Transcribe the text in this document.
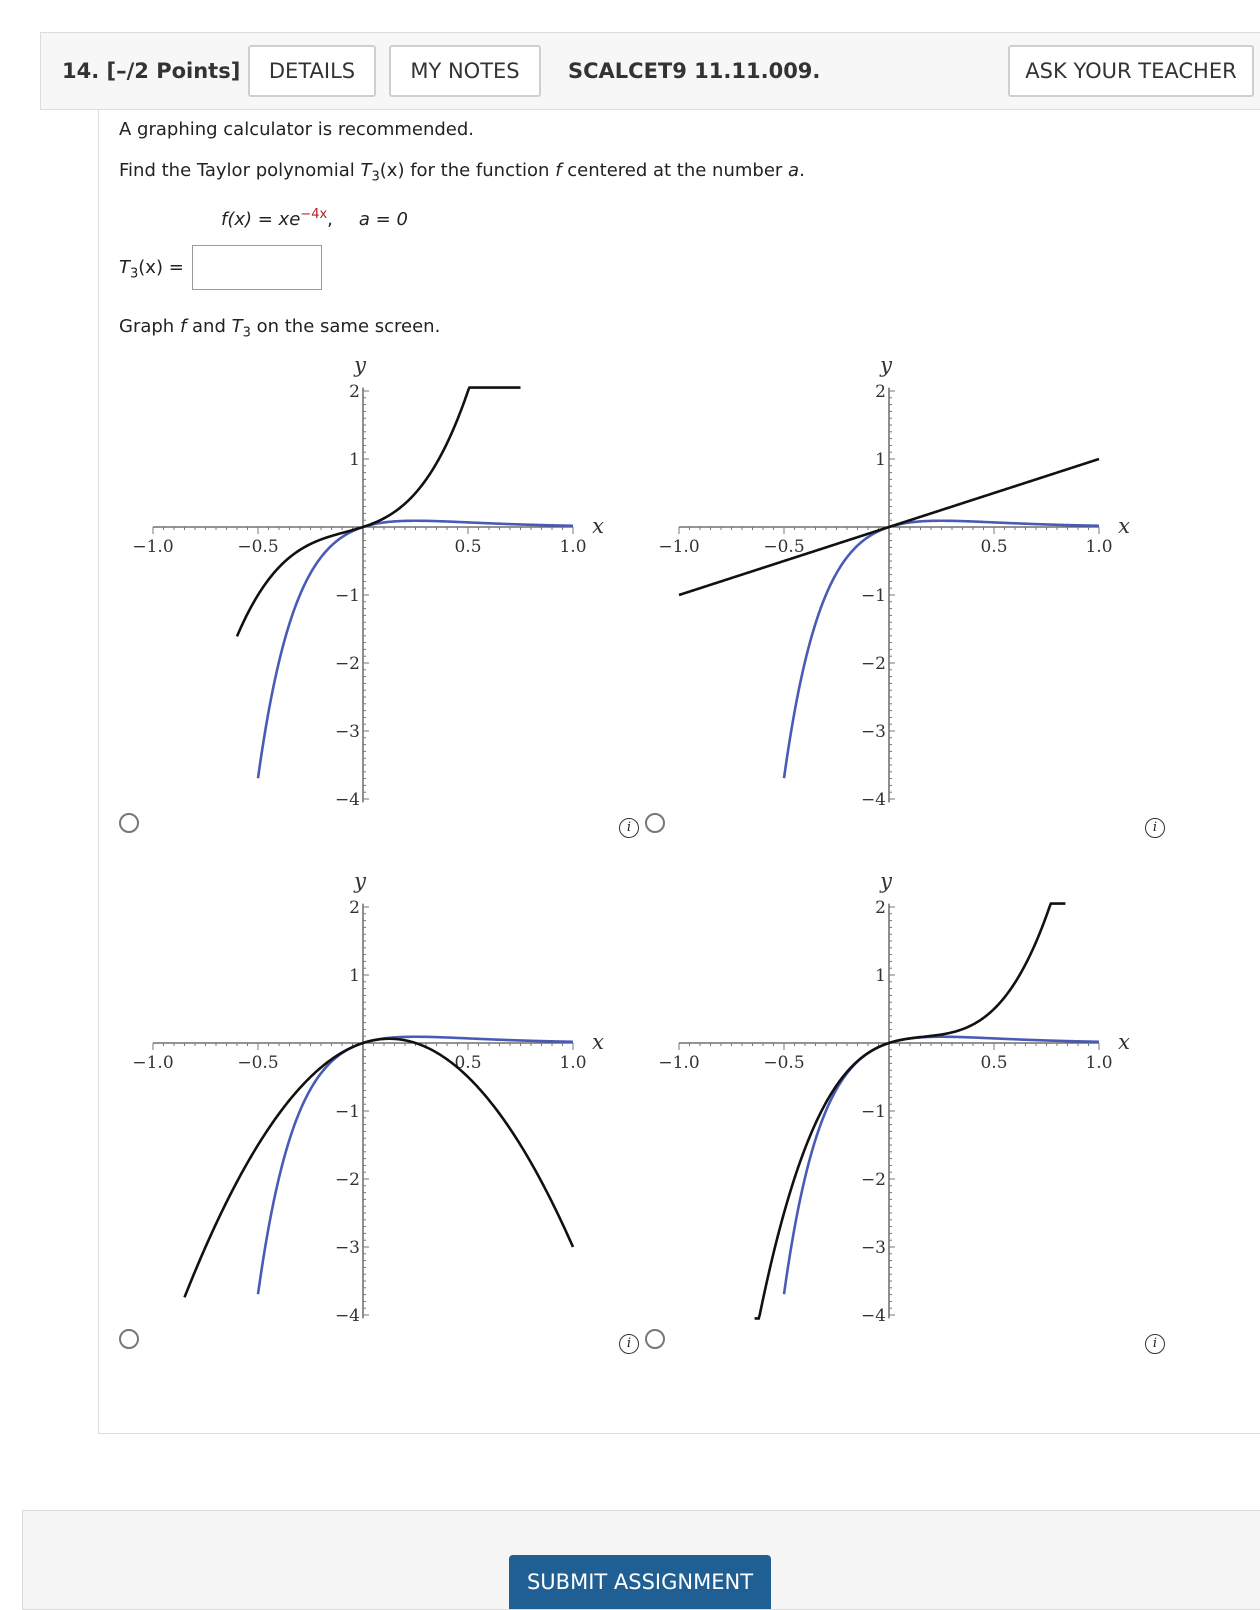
14. [–/2 Points]	DETAILS	MY NOTES	SCALCET9 11.11.009.	ASK YOUR TEACHER
A graphing calculator is recommended.
Find the Taylor polynomial $T_3(x)$ for the function f centered at the number a.
$f(x) = xe^{-4x}$, a = 0
$T_3(x)$ =
Graph f and $T_3$ on the same screen.
−1.0	−0.5	0.5	1.0
2
1
−1
−2
−3
−4
y
x
−1.0	−0.5	0.5	1.0
2
1
−1
−2
−3
−4
y
x
−1.0	−0.5	0.5	1.0
2
1
−1
−2
−3
−4
y
x
−1.0	−0.5	0.5	1.0
2
1
−1
−2
−3
−4
y
x
i	i
i	i
SUBMIT ASSIGNMENT
